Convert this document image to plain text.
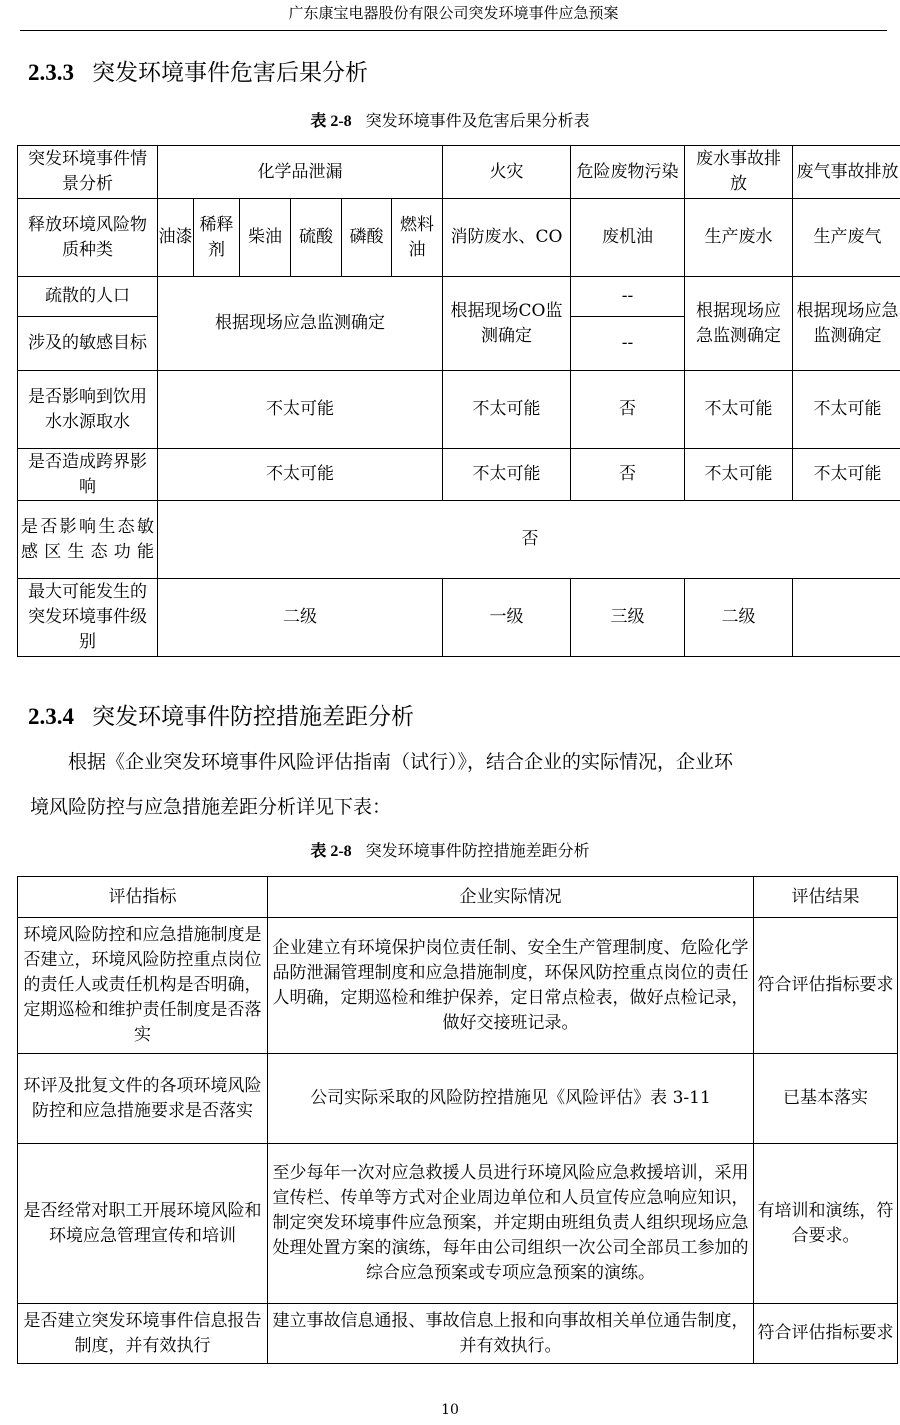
广东康宝电器股份有限公司突发环境事件应急预案
2.3.3 突发环境事件危害后果分析
表 2-8 突发环境事件及危害后果分析表
突发环境事件情景分析	化学品泄漏						火灾	危险废物污染	废水事故排放	废气事故排放
释放环境风险物质种类	油漆	稀释剂	柴油	硫酸	磷酸	燃料油	消防废水、CO	废机油	生产废水	生产废气
疏散的人口	根据现场应急监测确定						根据现场CO监测确定	--	根据现场应急监测确定	根据现场应急监测确定
涉及的敏感目标								--		
是否影响到饮用水水源取水	不太可能						不太可能	否	不太可能	不太可能
是否造成跨界影响	不太可能						不太可能	否	不太可能	不太可能
是否影响生态敏感区生态功能	否									
最大可能发生的突发环境事件级别	二级						一级	三级	二级	
2.3.4 突发环境事件防控措施差距分析
根据《企业突发环境事件风险评估指南（试行）》，结合企业的实际情况，企业环
境风险防控与应急措施差距分析详见下表：
表 2-8 突发环境事件防控措施差距分析
评估指标	企业实际情况	评估结果
环境风险防控和应急措施制度是否建立，环境风险防控重点岗位的责任人或责任机构是否明确，定期巡检和维护责任制度是否落实	企业建立有环境保护岗位责任制、安全生产管理制度、危险化学品防泄漏管理制度和应急措施制度，环保风防控重点岗位的责任人明确，定期巡检和维护保养，定日常点检表，做好点检记录，做好交接班记录。	符合评估指标要求
环评及批复文件的各项环境风险防控和应急措施要求是否落实	公司实际采取的风险防控措施见《风险评估》表 3-11	已基本落实
是否经常对职工开展环境风险和环境应急管理宣传和培训	至少每年一次对应急救援人员进行环境风险应急救援培训，采用宣传栏、传单等方式对企业周边单位和人员宣传应急响应知识，制定突发环境事件应急预案，并定期由班组负责人组织现场应急处理处置方案的演练，每年由公司组织一次公司全部员工参加的综合应急预案或专项应急预案的演练。	有培训和演练，符合要求。
是否建立突发环境事件信息报告制度，并有效执行	建立事故信息通报、事故信息上报和向事故相关单位通告制度，并有效执行。	符合评估指标要求
10
